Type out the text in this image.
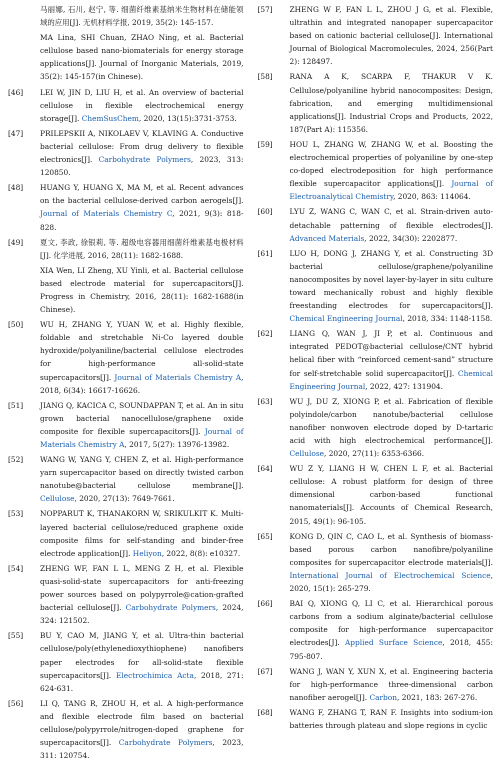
马丽娜, 石川, 赵宁, 等. 细菌纤维素基纳米生物材料在储能领域的应用[J]. 无机材料学报, 2019, 35(2): 145-157.
MA Lina, SHI Chuan, ZHAO Ning, et al. Bacterial cellulose based nano-biomaterials for energy storage applications[J]. Journal of Inorganic Materials, 2019, 35(2): 145-157(in Chinese).
[46]	LEI W, JIN D, LIU H, et al. An overview of bacterial cellulose in flexible electrochemical energy storage[J]. ChemSusChem, 2020, 13(15):3731-3753.
[47]	PRILEPSKII A, NIKOLAEV V, KLAVING A. Conductive bacterial cellulose: From drug delivery to flexible electronics[J]. Carbohydrate Polymers, 2023, 313: 120850.
[48]	HUANG Y, HUANG X, MA M, et al. Recent advances on the bacterial cellulose-derived carbon aerogels[J]. Journal of Materials Chemistry C, 2021, 9(3): 818-828.
[49]	夏文, 李政, 徐银莉, 等. 超级电容器用细菌纤维素基电极材料[J]. 化学进展, 2016, 28(11): 1682-1688.
XIA Wen, LI Zheng, XU Yinli, et al. Bacterial cellulose based electrode material for supercapacitors[J]. Progress in Chemistry, 2016, 28(11): 1682-1688(in Chinese).
[50]	WU H, ZHANG Y, YUAN W, et al. Highly flexible, foldable and stretchable Ni-Co layered double hydroxide/polyaniline/bacterial cellulose electrodes for high-performance all-solid-state supercapacitors[J]. Journal of Materials Chemistry A, 2018, 6(34): 16617-16626.
[51]	JIANG Q, KACICA C, SOUNDAPPAN T, et al. An in situ grown bacterial nanocellulose/graphene oxide composite for flexible supercapacitors[J]. Journal of Materials Chemistry A, 2017, 5(27): 13976-13982.
[52]	WANG W, YANG Y, CHEN Z, et al. High-performance yarn supercapacitor based on directly twisted carbon nanotube@bacterial cellulose membrane[J]. Cellulose, 2020, 27(13): 7649-7661.
[53]	NOPPARUT K, THANAKORN W, SRIKULKIT K. Multi-layered bacterial cellulose/reduced graphene oxide composite films for self-standing and binder-free electrode application[J]. Heliyon, 2022, 8(8): e10327.
[54]	ZHENG WF, FAN L L, MENG Z H, et al. Flexible quasi-solid-state supercapacitors for anti-freezing power sources based on polypyrrole@cation-grafted bacterial cellulose[J]. Carbohydrate Polymers, 2024, 324: 121502.
[55]	BU Y, CAO M, JIANG Y, et al. Ultra-thin bacterial cellulose/poly(ethylenedioxythiophene) nanofibers paper electrodes for all-solid-state flexible supercapacitors[J]. Electrochimica Acta, 2018, 271: 624-631.
[56]	LI Q, TANG R, ZHOU H, et al. A high-performance and flexible electrode film based on bacterial cellulose/polypyrrole/nitrogen-doped graphene for supercapacitors[J]. Carbohydrate Polymers, 2023, 311: 120754.
[57]	ZHENG W F, FAN L L, ZHOU J G, et al. Flexible, ultrathin and integrated nanopaper supercapacitor based on cationic bacterial cellulose[J]. International Journal of Biological Macromolecules, 2024, 256(Part 2): 128497.
[58]	RANA A K, SCARPA F, THAKUR V K. Cellulose/polyaniline hybrid nanocomposites: Design, fabrication, and emerging multidimensional applications[J]. Industrial Crops and Products, 2022, 187(Part A): 115356.
[59]	HOU L, ZHANG W, ZHANG W, et al. Boosting the electrochemical properties of polyaniline by one-step co-doped electrodeposition for high performance flexible supercapacitor applications[J]. Journal of Electroanalytical Chemistry, 2020, 863: 114064.
[60]	LYU Z, WANG C, WAN C, et al. Strain-driven auto-detachable patterning of flexible electrodes[J]. Advanced Materials, 2022, 34(30): 2202877.
[61]	LUO H, DONG J, ZHANG Y, et al. Constructing 3D bacterial cellulose/graphene/polyaniline nanocomposites by novel layer-by-layer in situ culture toward mechanically robust and highly flexible freestanding electrodes for supercapacitors[J]. Chemical Engineering Journal, 2018, 334: 1148-1158.
[62]	LIANG Q, WAN J, JI P, et al. Continuous and integrated PEDOT@bacterial cellulose/CNT hybrid helical fiber with “reinforced cement-sand” structure for self-stretchable solid supercapacitor[J]. Chemical Engineering Journal, 2022, 427: 131904.
[63]	WU J, DU Z, XIONG P, et al. Fabrication of flexible polyindole/carbon nanotube/bacterial cellulose nanofiber nonwoven electrode doped by D-tartaric acid with high electrochemical performance[J]. Cellulose, 2020, 27(11): 6353-6366.
[64]	WU Z Y, LIANG H W, CHEN L F, et al. Bacterial cellulose: A robust platform for design of three dimensional carbon-based functional nanomaterials[J]. Accounts of Chemical Research, 2015, 49(1): 96-105.
[65]	KONG D, QIN C, CAO L, et al. Synthesis of biomass-based porous carbon nanofibre/polyaniline composites for supercapacitor electrode materials[J]. International Journal of Electrochemical Science, 2020, 15(1): 265-279.
[66]	BAI Q, XIONG Q, LI C, et al. Hierarchical porous carbons from a sodium alginate/bacterial cellulose composite for high-performance supercapacitor electrodes[J]. Applied Surface Science, 2018, 455: 795-807.
[67]	WANG J, WAN Y, XUN X, et al. Engineering bacteria for high-performance three-dimensional carbon nanofiber aerogel[J]. Carbon, 2021, 183: 267-276.
[68]	WANG F, ZHANG T, RAN F. Insights into sodium-ion batteries through plateau and slope regions in cyclic
